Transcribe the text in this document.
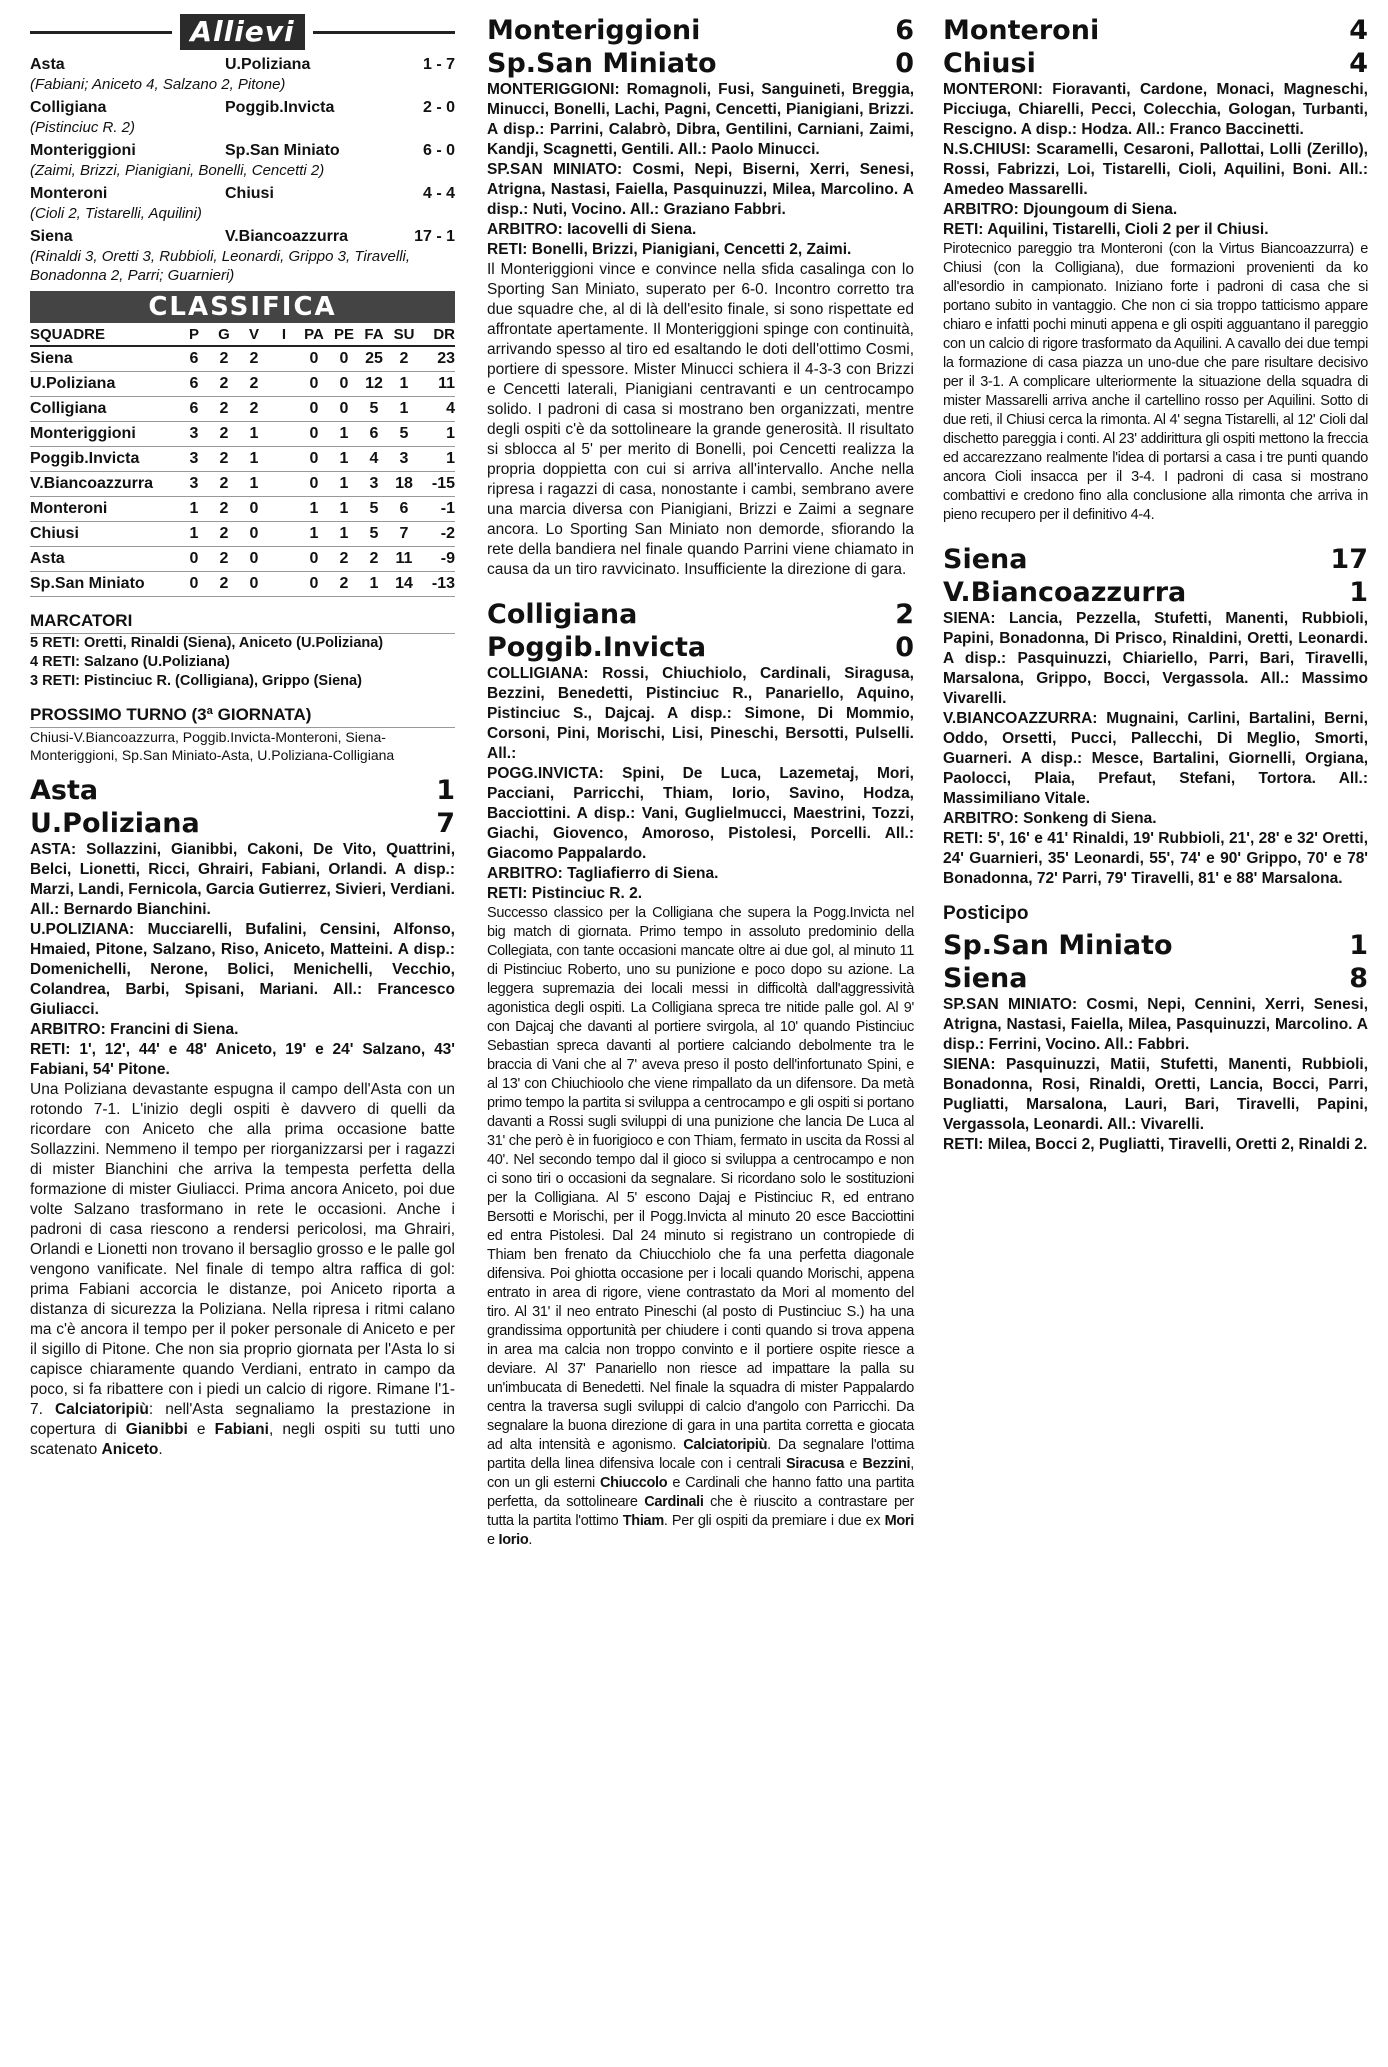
Allievi
Asta	U.Poliziana	1 - 7
(Fabiani; Aniceto 4, Salzano 2, Pitone)
Colligiana	Poggib.Invicta	2 - 0
(Pistinciuc R. 2)
Monteriggioni	Sp.San Miniato	6 - 0
(Zaimi, Brizzi, Pianigiani, Bonelli, Cencetti 2)
Monteroni	Chiusi	4 - 4
(Cioli 2, Tistarelli, Aquilini)
Siena	V.Biancoazzurra	17 - 1
(Rinaldi 3, Oretti 3, Rubbioli, Leonardi, Grippo 3, Tiravelli, Bonadonna 2, Parri; Guarnieri)
CLASSIFICA
SQUADRE	P	G	V	I	PA	PE	FA	SU	DR
Siena	6	2	2		0	0	25	2	23
U.Poliziana	6	2	2		0	0	12	1	11
Colligiana	6	2	2		0	0	5	1	4
Monteriggioni	3	2	1		0	1	6	5	1
Poggib.Invicta	3	2	1		0	1	4	3	1
V.Biancoazzurra	3	2	1		0	1	3	18	-15
Monteroni	1	2	0		1	1	5	6	-1
Chiusi	1	2	0		1	1	5	7	-2
Asta	0	2	0		0	2	2	11	-9
Sp.San Miniato	0	2	0		0	2	1	14	-13
MARCATORI
5 RETI: Oretti, Rinaldi (Siena), Aniceto (U.Poliziana)
4 RETI: Salzano (U.Poliziana)
3 RETI: Pistinciuc R. (Colligiana), Grippo (Siena)
PROSSIMO TURNO (3ª GIORNATA)
Chiusi-V.Biancoazzurra, Poggib.Invicta-Monteroni, Siena-Monteriggioni, Sp.San Miniato-Asta, U.Poliziana-Colligiana
Asta	1
U.Poliziana	7
ASTA: Sollazzini, Gianibbi, Cakoni, De Vito, Quattrini, Belci, Lionetti, Ricci, Ghrairi, Fabiani, Orlandi. A disp.: Marzi, Landi, Fernicola, Garcia Gutierrez, Sivieri, Verdiani. All.: Bernardo Bianchini.
U.POLIZIANA: Mucciarelli, Bufalini, Censini, Alfonso, Hmaied, Pitone, Salzano, Riso, Aniceto, Matteini. A disp.: Domenichelli, Nerone, Bolici, Menichelli, Vecchio, Colandrea, Barbi, Spisani, Mariani. All.: Francesco Giuliacci.
ARBITRO: Francini di Siena.
RETI: 1', 12', 44' e 48' Aniceto, 19' e 24' Salzano, 43' Fabiani, 54' Pitone.
Una Poliziana devastante espugna il campo dell'Asta con un rotondo 7-1. L'inizio degli ospiti è davvero di quelli da ricordare con Aniceto che alla prima occasione batte Sollazzini. Nemmeno il tempo per riorganizzarsi per i ragazzi di mister Bianchini che arriva la tempesta perfetta della formazione di mister Giuliacci. Prima ancora Aniceto, poi due volte Salzano trasformano in rete le occasioni. Anche i padroni di casa riescono a rendersi pericolosi, ma Ghrairi, Orlandi e Lionetti non trovano il bersaglio grosso e le palle gol vengono vanificate. Nel finale di tempo altra raffica di gol: prima Fabiani accorcia le distanze, poi Aniceto riporta a distanza di sicurezza la Poliziana. Nella ripresa i ritmi calano ma c'è ancora il tempo per il poker personale di Aniceto e per il sigillo di Pitone. Che non sia proprio giornata per l'Asta lo si capisce chiaramente quando Verdiani, entrato in campo da poco, si fa ribattere con i piedi un calcio di rigore. Rimane l'1-7. Calciatoripiù: nell'Asta segnaliamo la prestazione in copertura di Gianibbi e Fabiani, negli ospiti su tutti uno scatenato Aniceto.
Monteriggioni	6
Sp.San Miniato	0
MONTERIGGIONI: Romagnoli, Fusi, Sanguineti, Breggia, Minucci, Bonelli, Lachi, Pagni, Cencetti, Pianigiani, Brizzi. A disp.: Parrini, Calabrò, Dibra, Gentilini, Carniani, Zaimi, Kandji, Scagnetti, Gentili. All.: Paolo Minucci.
SP.SAN MINIATO: Cosmi, Nepi, Biserni, Xerri, Senesi, Atrigna, Nastasi, Faiella, Pasquinuzzi, Milea, Marcolino. A disp.: Nuti, Vocino. All.: Graziano Fabbri.
ARBITRO: Iacovelli di Siena.
RETI: Bonelli, Brizzi, Pianigiani, Cencetti 2, Zaimi.
Il Monteriggioni vince e convince nella sfida casalinga con lo Sporting San Miniato, superato per 6-0. Incontro corretto tra due squadre che, al di là dell'esito finale, si sono rispettate ed affrontate apertamente. Il Monteriggioni spinge con continuità, arrivando spesso al tiro ed esaltando le doti dell'ottimo Cosmi, portiere di spessore. Mister Minucci schiera il 4-3-3 con Brizzi e Cencetti laterali, Pianigiani centravanti e un centrocampo solido. I padroni di casa si mostrano ben organizzati, mentre degli ospiti c'è da sottolineare la grande generosità. Il risultato si sblocca al 5' per merito di Bonelli, poi Cencetti realizza la propria doppietta con cui si arriva all'intervallo. Anche nella ripresa i ragazzi di casa, nonostante i cambi, sembrano avere una marcia diversa con Pianigiani, Brizzi e Zaimi a segnare ancora. Lo Sporting San Miniato non demorde, sfiorando la rete della bandiera nel finale quando Parrini viene chiamato in causa da un tiro ravvicinato. Insufficiente la direzione di gara.
Colligiana	2
Poggib.Invicta	0
COLLIGIANA: Rossi, Chiuchiolo, Cardinali, Siragusa, Bezzini, Benedetti, Pistinciuc R., Panariello, Aquino, Pistinciuc S., Dajcaj. A disp.: Simone, Di Mommio, Corsoni, Pini, Morischi, Lisi, Pineschi, Bersotti, Pulselli. All.:
POGG.INVICTA: Spini, De Luca, Lazemetaj, Mori, Pacciani, Parricchi, Thiam, Iorio, Savino, Hodza, Bacciottini. A disp.: Vani, Guglielmucci, Maestrini, Tozzi, Giachi, Giovenco, Amoroso, Pistolesi, Porcelli. All.: Giacomo Pappalardo.
ARBITRO: Tagliafierro di Siena.
RETI: Pistinciuc R. 2.
Successo classico per la Colligiana che supera la Pogg.Invicta nel big match di giornata. Primo tempo in assoluto predominio della Collegiata, con tante occasioni mancate oltre ai due gol, al minuto 11 di Pistinciuc Roberto, uno su punizione e poco dopo su azione. La leggera supremazia dei locali messi in difficoltà dall'aggressività agonistica degli ospiti. La Colligiana spreca tre nitide palle gol. Al 9' con Dajcaj che davanti al portiere svirgola, al 10' quando Pistinciuc Sebastian spreca davanti al portiere calciando debolmente tra le braccia di Vani che al 7' aveva preso il posto dell'infortunato Spini, e al 13' con Chiuchioolo che viene rimpallato da un difensore. Da metà primo tempo la partita si sviluppa a centrocampo e gli ospiti si portano davanti a Rossi sugli sviluppi di una punizione che lancia De Luca al 31' che però è in fuorigioco e con Thiam, fermato in uscita da Rossi al 40'. Nel secondo tempo dal il gioco si sviluppa a centrocampo e non ci sono tiri o occasioni da segnalare. Si ricordano solo le sostituzioni per la Colligiana. Al 5' escono Dajaj e Pistinciuc R, ed entrano Bersotti e Morischi, per il Pogg.Invicta al minuto 20 esce Bacciottini ed entra Pistolesi. Dal 24 minuto si registrano un contropiede di Thiam ben frenato da Chiucchiolo che fa una perfetta diagonale difensiva. Poi ghiotta occasione per i locali quando Morischi, appena entrato in area di rigore, viene contrastato da Mori al momento del tiro. Al 31' il neo entrato Pineschi (al posto di Pustinciuc S.) ha una grandissima opportunità per chiudere i conti quando si trova appena in area ma calcia non troppo convinto e il portiere ospite riesce a deviare. Al 37' Panariello non riesce ad impattare la palla su un'imbucata di Benedetti. Nel finale la squadra di mister Pappalardo centra la traversa sugli sviluppi di calcio d'angolo con Parricchi. Da segnalare la buona direzione di gara in una partita corretta e giocata ad alta intensità e agonismo. Calciatoripiù. Da segnalare l'ottima partita della linea difensiva locale con i centrali Siracusa e Bezzini, con un gli esterni Chiuccolo e Cardinali che hanno fatto una partita perfetta, da sottolineare Cardinali che è riuscito a contrastare per tutta la partita l'ottimo Thiam. Per gli ospiti da premiare i due ex Mori e Iorio.
Monteroni	4
Chiusi	4
MONTERONI: Fioravanti, Cardone, Monaci, Magneschi, Picciuga, Chiarelli, Pecci, Colecchia, Gologan, Turbanti, Rescigno. A disp.: Hodza. All.: Franco Baccinetti.
N.S.CHIUSI: Scaramelli, Cesaroni, Pallottai, Lolli (Zerillo), Rossi, Fabrizzi, Loi, Tistarelli, Cioli, Aquilini, Boni. All.: Amedeo Massarelli.
ARBITRO: Djoungoum di Siena.
RETI: Aquilini, Tistarelli, Cioli 2 per il Chiusi.
Pirotecnico pareggio tra Monteroni (con la Virtus Biancoazzurra) e Chiusi (con la Colligiana), due formazioni provenienti da ko all'esordio in campionato. Iniziano forte i padroni di casa che si portano subito in vantaggio. Che non ci sia troppo tatticismo appare chiaro e infatti pochi minuti appena e gli ospiti agguantano il pareggio con un calcio di rigore trasformato da Aquilini. A cavallo dei due tempi la formazione di casa piazza un uno-due che pare risultare decisivo per il 3-1. A complicare ulteriormente la situazione della squadra di mister Massarelli arriva anche il cartellino rosso per Aquilini. Sotto di due reti, il Chiusi cerca la rimonta. Al 4' segna Tistarelli, al 12' Cioli dal dischetto pareggia i conti. Al 23' addirittura gli ospiti mettono la freccia ed accarezzano realmente l'idea di portarsi a casa i tre punti quando ancora Cioli insacca per il 3-4. I padroni di casa si mostrano combattivi e credono fino alla conclusione alla rimonta che arriva in pieno recupero per il definitivo 4-4.
Siena	17
V.Biancoazzurra	1
SIENA: Lancia, Pezzella, Stufetti, Manenti, Rubbioli, Papini, Bonadonna, Di Prisco, Rinaldini, Oretti, Leonardi. A disp.: Pasquinuzzi, Chiariello, Parri, Bari, Tiravelli, Marsalona, Grippo, Bocci, Vergassola. All.: Massimo Vivarelli.
V.BIANCOAZZURRA: Mugnaini, Carlini, Bartalini, Berni, Oddo, Orsetti, Pucci, Pallecchi, Di Meglio, Smorti, Guarneri. A disp.: Mesce, Bartalini, Giornelli, Orgiana, Paolocci, Plaia, Prefaut, Stefani, Tortora. All.: Massimiliano Vitale.
ARBITRO: Sonkeng di Siena.
RETI: 5', 16' e 41' Rinaldi, 19' Rubbioli, 21', 28' e 32' Oretti, 24' Guarnieri, 35' Leonardi, 55', 74' e 90' Grippo, 70' e 78' Bonadonna, 72' Parri, 79' Tiravelli, 81' e 88' Marsalona.
Posticipo
Sp.San Miniato	1
Siena	8
SP.SAN MINIATO: Cosmi, Nepi, Cennini, Xerri, Senesi, Atrigna, Nastasi, Faiella, Milea, Pasquinuzzi, Marcolino. A disp.: Ferrini, Vocino. All.: Fabbri.
SIENA: Pasquinuzzi, Matii, Stufetti, Manenti, Rubbioli, Bonadonna, Rosi, Rinaldi, Oretti, Lancia, Bocci, Parri, Pugliatti, Marsalona, Lauri, Bari, Tiravelli, Papini, Vergassola, Leonardi. All.: Vivarelli.
RETI: Milea, Bocci 2, Pugliatti, Tiravelli, Oretti 2, Rinaldi 2.
